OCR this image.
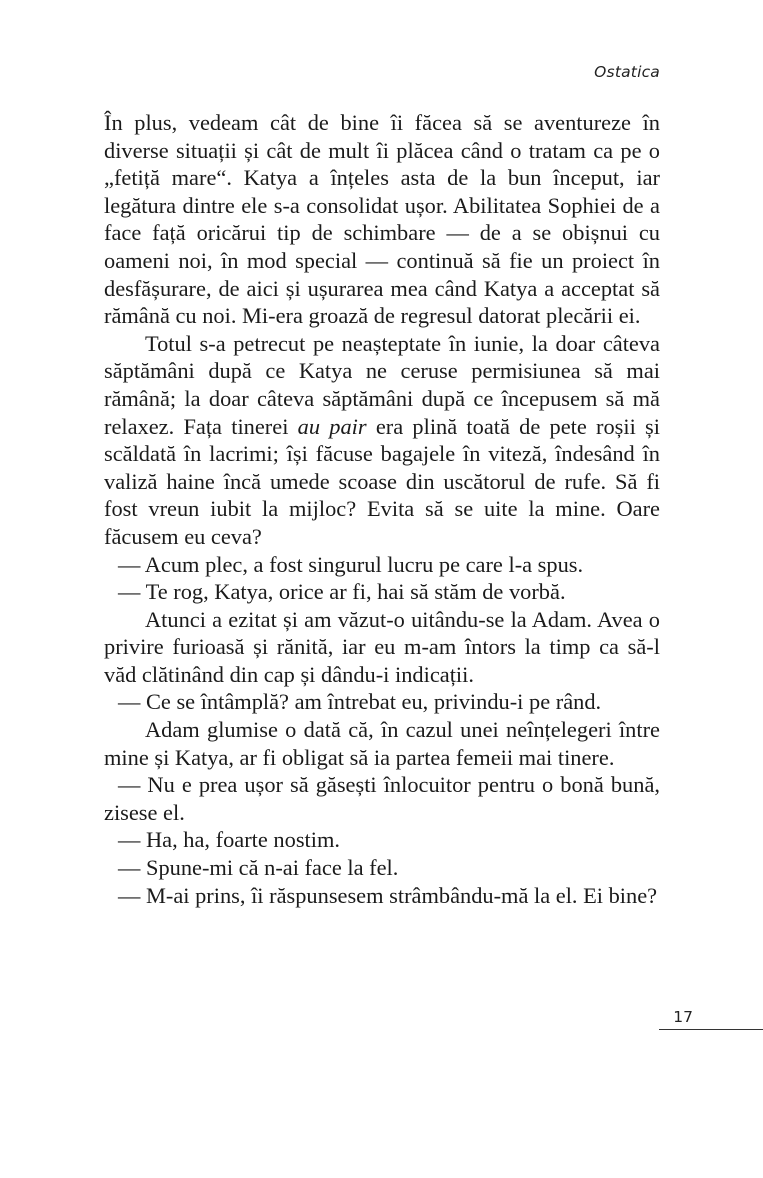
Ostatica

În plus, vedeam cât de bine îi făcea să se aventureze în diverse situații și cât de mult îi plăcea când o tratam ca pe o „fetiță mare“. Katya a înțeles asta de la bun început, iar legătura dintre ele s-a consolidat ușor. Abilitatea Sophiei de a face față oricărui tip de schimbare — de a se obișnui cu oameni noi, în mod special — continuă să fie un proiect în desfășurare, de aici și ușurarea mea când Katya a acceptat să rămână cu noi. Mi-era groază de regresul datorat plecării ei.

Totul s-a petrecut pe neașteptate în iunie, la doar câteva săptămâni după ce Katya ne ceruse permisiunea să mai rămână; la doar câteva săptămâni după ce începusem să mă relaxez. Fața tinerei au pair era plină toată de pete roșii și scăldată în lacrimi; își făcuse bagajele în viteză, îndesând în valiză haine încă umede scoase din uscătorul de rufe. Să fi fost vreun iubit la mijloc? Evita să se uite la mine. Oare făcusem eu ceva?

— Acum plec, a fost singurul lucru pe care l-a spus.

— Te rog, Katya, orice ar fi, hai să stăm de vorbă.

Atunci a ezitat și am văzut-o uitându-se la Adam. Avea o privire furioasă și rănită, iar eu m-am întors la timp ca să-l văd clătinând din cap și dându-i indicații.

— Ce se întâmplă? am întrebat eu, privindu-i pe rând.

Adam glumise o dată că, în cazul unei neînțelegeri între mine și Katya, ar fi obligat să ia partea femeii mai tinere.

— Nu e prea ușor să găsești înlocuitor pentru o bonă bună, zisese el.

— Ha, ha, foarte nostim.

— Spune-mi că n-ai face la fel.

— M-ai prins, îi răspunsesem strâmbându-mă la el. Ei bine?

17
